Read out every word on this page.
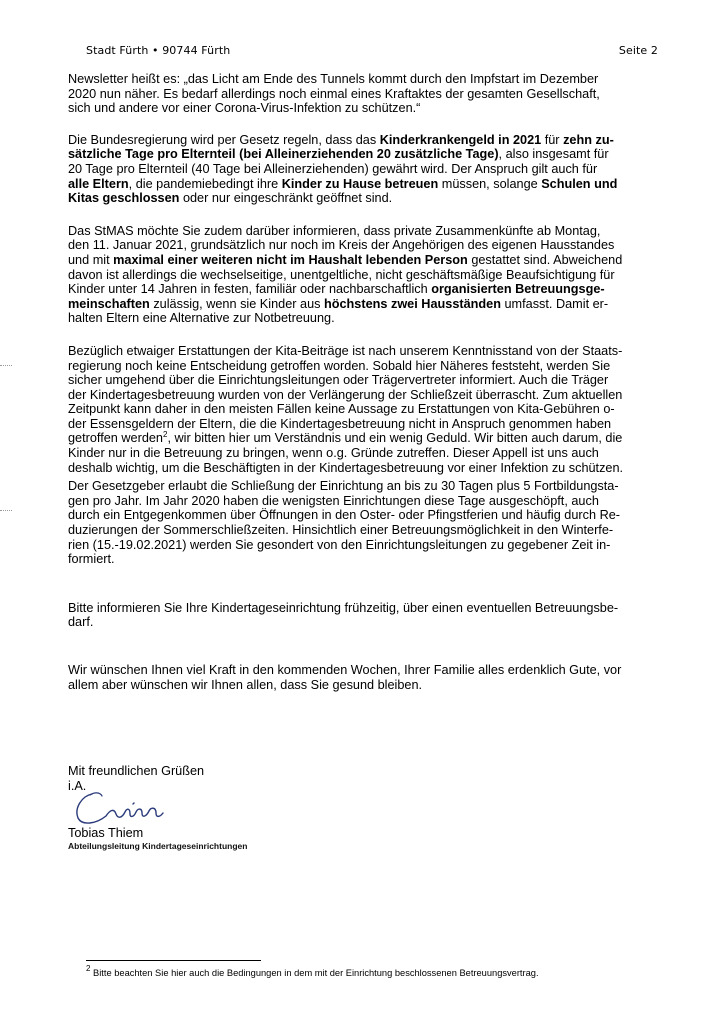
Stadt Fürth • 90744 Fürth	Seite 2

Newsletter heißt es: „das Licht am Ende des Tunnels kommt durch den Impfstart im Dezember
2020 nun näher. Es bedarf allerdings noch einmal eines Kraftaktes der gesamten Gesellschaft,
sich und andere vor einer Corona-Virus-Infektion zu schützen.“

Die Bundesregierung wird per Gesetz regeln, dass das Kinderkrankengeld in 2021 für zehn zu-
sätzliche Tage pro Elternteil (bei Alleinerziehenden 20 zusätzliche Tage), also insgesamt für
20 Tage pro Elternteil (40 Tage bei Alleinerziehenden) gewährt wird. Der Anspruch gilt auch für
alle Eltern, die pandemiebedingt ihre Kinder zu Hause betreuen müssen, solange Schulen und
Kitas geschlossen oder nur eingeschränkt geöffnet sind.

Das StMAS möchte Sie zudem darüber informieren, dass private Zusammenkünfte ab Montag,
den 11. Januar 2021, grundsätzlich nur noch im Kreis der Angehörigen des eigenen Hausstandes
und mit maximal einer weiteren nicht im Haushalt lebenden Person gestattet sind. Abweichend
davon ist allerdings die wechselseitige, unentgeltliche, nicht geschäftsmäßige Beaufsichtigung für
Kinder unter 14 Jahren in festen, familiär oder nachbarschaftlich organisierten Betreuungsge-
meinschaften zulässig, wenn sie Kinder aus höchstens zwei Hausständen umfasst. Damit er-
halten Eltern eine Alternative zur Notbetreuung.

Bezüglich etwaiger Erstattungen der Kita-Beiträge ist nach unserem Kenntnisstand von der Staats-
regierung noch keine Entscheidung getroffen worden. Sobald hier Näheres feststeht, werden Sie
sicher umgehend über die Einrichtungsleitungen oder Trägervertreter informiert. Auch die Träger
der Kindertagesbetreuung wurden von der Verlängerung der Schließzeit überrascht. Zum aktuellen
Zeitpunkt kann daher in den meisten Fällen keine Aussage zu Erstattungen von Kita-Gebühren o-
der Essensgeldern der Eltern, die die Kindertagesbetreuung nicht in Anspruch genommen haben
getroffen werden$^2$, wir bitten hier um Verständnis und ein wenig Geduld. Wir bitten auch darum, die
Kinder nur in die Betreuung zu bringen, wenn o.g. Gründe zutreffen. Dieser Appell ist uns auch
deshalb wichtig, um die Beschäftigten in der Kindertagesbetreuung vor einer Infektion zu schützen.

Der Gesetzgeber erlaubt die Schließung der Einrichtung an bis zu 30 Tagen plus 5 Fortbildungsta-
gen pro Jahr. Im Jahr 2020 haben die wenigsten Einrichtungen diese Tage ausgeschöpft, auch
durch ein Entgegenkommen über Öffnungen in den Oster- oder Pfingstferien und häufig durch Re-
duzierungen der Sommerschließzeiten. Hinsichtlich einer Betreuungsmöglichkeit in den Winterfe-
rien (15.-19.02.2021) werden Sie gesondert von den Einrichtungsleitungen zu gegebener Zeit in-
formiert.

Bitte informieren Sie Ihre Kindertageseinrichtung frühzeitig, über einen eventuellen Betreuungsbe-
darf.

Wir wünschen Ihnen viel Kraft in den kommenden Wochen, Ihrer Familie alles erdenklich Gute, vor
allem aber wünschen wir Ihnen allen, dass Sie gesund bleiben.

Mit freundlichen Grüßen
i.A.
Tobias Thiem
Abteilungsleitung Kindertageseinrichtungen
$^2$ Bitte beachten Sie hier auch die Bedingungen in dem mit der Einrichtung beschlossenen Betreuungsvertrag.
